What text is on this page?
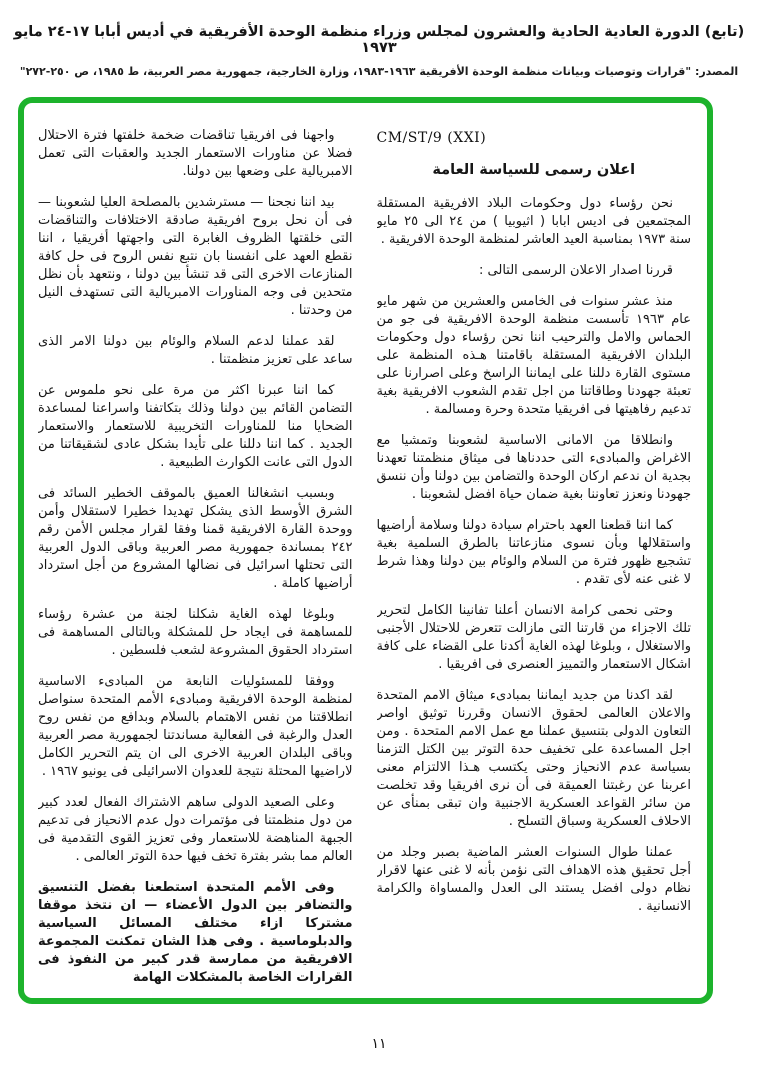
(تابع) الدورة العادية الحادية والعشرون لمجلس وزراء منظمة الوحدة الأفريقية في أديس أبابا ١٧-٢٤ مايو ١٩٧٣
المصدر: "قرارات وتوصيات وبيانات منظمة الوحدة الأفريقية ١٩٦٣-١٩٨٣، وزارة الخارجية، جمهورية مصر العربية، ط ١٩٨٥، ص ٢٥٠-٢٧٢"
CM/ST/9 (XXI)
اعلان رسمى للسياسة العامة

نحن رؤساء دول وحكومات البلاد الافريقية المستقلة المجتمعين فى اديس ابابا ( اثيوبيا ) من ٢٤ الى ٢٥ مايو سنة ١٩٧٣ بمناسبة العيد العاشر لمنظمة الوحدة الافريقية .

قررنا اصدار الاعلان الرسمى التالى :

منذ عشر سنوات فى الخامس والعشرين من شهر مايو عام ١٩٦٣ تأسست منظمة الوحدة الافريقية فى جو من الحماس والامل والترحيب اننا نحن رؤساء دول وحكومات البلدان الافريقية المستقلة باقامتنا هـذه المنظمة على مستوى القارة دللنا على ايماننا الراسخ وعلى اصرارنا على تعبئة جهودنا وطاقاتنا من اجل تقدم الشعوب الافريقية بغية تدعيم رفاهيتها فى افريقيا متحدة وحرة ومسالمة .

وانطلاقا من الامانى الاساسية لشعوبنا وتمشيا مع الاغراض والمبادىء التى حددناها فى ميثاق منظمتنا تعهدنا بجدية ان ندعم اركان الوحدة والتضامن بين دولنا وأن ننسق جهودنا ونعزز تعاوننا بغية ضمان حياة افضل لشعوبنا .

كما اننا قطعنا العهد باحترام سيادة دولنا وسلامة أراضيها واستقلالها وبأن نسوى منازعاتنا بالطرق السلمية بغية تشجيع ظهور فترة من السلام والوئام بين دولنا وهذا شرط لا غنى عنه لأى تقدم .

وحتى نحمى كرامة الانسان أعلنا تفانينا الكامل لتحرير تلك الاجزاء من قارتنا التى مازالت تتعرض للاحتلال الأجنبى والاستغلال ، وبلوغا لهذه الغاية أكدنا على القضاء على كافة اشكال الاستعمار والتمييز العنصرى فى افريقيا .

لقد اكدنا من جديد ايماننا بمبادىء ميثاق الامم المتحدة والاعلان العالمى لحقوق الانسان وقررنا توثيق اواصر التعاون الدولى بتنسيق عملنا مع عمل الامم المتحدة . ومن اجل المساعدة على تخفيف حدة التوتر بين الكتل التزمنا بسياسة عدم الانحياز وحتى يكتسب هـذا الالتزام معنى اعربنا عن رغبتنا العميقة فى أن نرى افريقيا وقد تخلصت من سائر القواعد العسكرية الاجنبية وان تبقى بمنأى عن الاحلاف العسكرية وسباق التسلح .

عملنا طوال السنوات العشر الماضية بصبر وجلد من أجل تحقيق هذه الاهداف التى نؤمن بأنه لا غنى عنها لاقرار نظام دولى افضل يستند الى العدل والمساواة والكرامة الانسانية .

واجهنا فى افريقيا تناقضات ضخمة خلفتها فترة الاحتلال فضلا عن مناورات الاستعمار الجديد والعقبات التى تعمل الامبريالية على وضعها بين دولنا.

بيد اننا نجحنا — مسترشدين بالمصلحة العليا لشعوبنا — فى أن نحل بروح افريقية صادقة الاختلافات والتناقضات التى خلقتها الظروف الغابرة التى واجهتها أفريقيا ، اننا نقطع العهد على انفسنا بان نتبع نفس الروح فى حل كافة المنازعات الاخرى التى قد تنشأ بين دولنا ، ونتعهد بأن نظل متحدين فى وجه المناورات الامبريالية التى تستهدف النيل من وحدتنا .

لقد عملنا لدعم السلام والوئام بين دولنا الامر الذى ساعد على تعزيز منظمتنا .

كما اننا عبرنا اكثر من مرة على نحو ملموس عن التضامن القائم بين دولنا وذلك بتكاتفنا واسراعنا لمساعدة الضحايا منا للمناورات التخريبية للاستعمار والاستعمار الجديد . كما اننا دللنا على تأيدا بشكل عادى لشقيقاتنا من الدول التى عانت الكوارث الطبيعية .

وبسبب انشغالنا العميق بالموقف الخطير السائد فى الشرق الأوسط الذى يشكل تهديدا خطيرا لاستقلال وأمن ووحدة القارة الافريقية قمنا وفقا لقرار مجلس الأمن رقم ٢٤٢ بمساندة جمهورية مصر العربية وباقى الدول العربية التى تحتلها اسرائيل فى نضالها المشروع من أجل استرداد أراضيها كاملة .

وبلوغا لهذه الغاية شكلنا لجنة من عشرة رؤساء للمساهمة فى ايجاد حل للمشكلة وبالتالى المساهمة فى استرداد الحقوق المشروعة لشعب فلسطين .

ووفقا للمسئوليات النابعة من المبادىء الاساسية لمنظمة الوحدة الافريقية ومبادىء الأمم المتحدة سنواصل انطلاقتنا من نفس الاهتمام بالسلام وبدافع من نفس روح العدل والرغبة فى الفعالية مساندتنا لجمهورية مصر العربية وباقى البلدان العربية الاخرى الى ان يتم التحرير الكامل لاراضيها المحتلة نتيجة للعدوان الاسرائيلى فى يونيو ١٩٦٧ .

وعلى الصعيد الدولى ساهم الاشتراك الفعال لعدد كبير من دول منظمتنا فى مؤتمرات دول عدم الانحياز فى تدعيم الجبهة المناهضة للاستعمار وفى تعزيز القوى التقدمية فى العالم مما بشر بفترة تخف فيها حدة التوتر العالمى .

وفى الأمم المتحدة استطعنا بفضل التنسيق والتضافر بين الدول الأعضاء — ان نتخذ موقفا مشتركا ازاء مختلف المسائل السياسية والدبلوماسية . وفى هذا الشان تمكنت المجموعة الافريقية من ممارسة قدر كبير من النفوذ فى القرارات الخاصة بالمشكلات الهامة

١١
